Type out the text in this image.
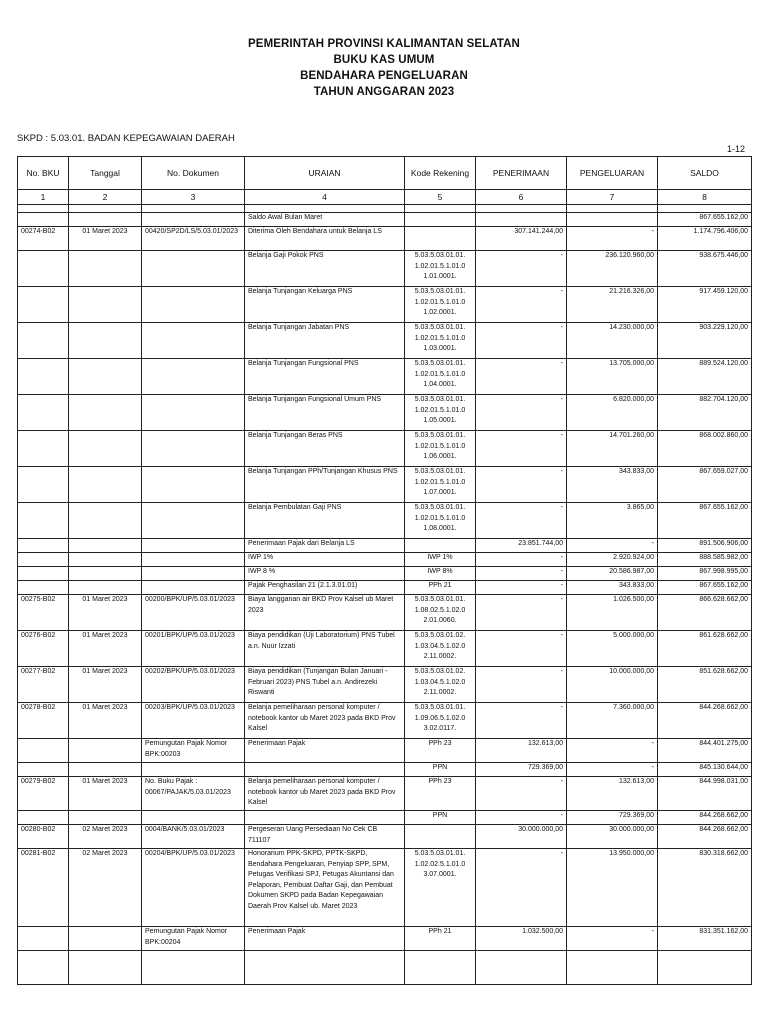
PEMERINTAH PROVINSI KALIMANTAN SELATAN
BUKU KAS UMUM
BENDAHARA PENGELUARAN
TAHUN ANGGARAN 2023
SKPD : 5.03.01. BADAN KEPEGAWAIAN DAERAH
1-12
No. BKU	Tanggal	No. Dokumen	URAIAN	Kode Rekening	PENERIMAAN	PENGELUARAN	SALDO
1	2	3	4	5	6	7	8

			Saldo Awal Bulan Maret				867.655.162,00
00274-B02	01 Maret 2023	00420/SP2D/LS/5.03.01/2023	Diterima Oleh Bendahara untuk Belanja LS		307.141.244,00	-	1.174.796.406,00
			Belanja Gaji Pokok PNS	5.03.5.03.01.01. 1.02.01.5.1.01.0 1.01.0001.	-	236.120.960,00	938.675.446,00
			Belanja Tunjangan Keluarga PNS	5.03.5.03.01.01. 1.02.01.5.1.01.0 1.02.0001.	-	21.216.326,00	917.459.120,00
			Belanja Tunjangan Jabatan PNS	5.03.5.03.01.01. 1.02.01.5.1.01.0 1.03.0001.	-	14.230.000,00	903.229.120,00
			Belanja Tunjangan Fungsional PNS	5.03.5.03.01.01. 1.02.01.5.1.01.0 1.04.0001.	-	13.705.000,00	889.524.120,00
			Belanja Tunjangan Fungsional Umum PNS	5.03.5.03.01.01. 1.02.01.5.1.01.0 1.05.0001.	-	6.820.000,00	882.704.120,00
			Belanja Tunjangan Beras PNS	5.03.5.03.01.01. 1.02.01.5.1.01.0 1.06.0001.	-	14.701.260,00	868.002.860,00
			Belanja Tunjangan PPh/Tunjangan Khusus PNS	5.03.5.03.01.01. 1.02.01.5.1.01.0 1.07.0001.	-	343.833,00	867.659.027,00
			Belanja Pembulatan Gaji PNS	5.03.5.03.01.01. 1.02.01.5.1.01.0 1.08.0001.	-	3.865,00	867.655.162,00
			Penerimaan Pajak dari Belanja LS		23.851.744,00	-	891.506.906,00
			IWP 1%	IWP 1%	-	2.920.924,00	888.585.982,00
			IWP 8 %	IWP 8%	-	20.586.987,00	867.998.995,00
			Pajak Penghasilan 21 (2.1.3.01.01)	PPh 21	-	343.833,00	867.655.162,00
00275-B02	01 Maret 2023	00200/BPK/UP/5.03.01/2023	Biaya langganan air BKD Prov Kalsel ub Maret 2023	5.03.5.03.01.01. 1.08.02.5.1.02.0 2.01.0060.	-	1.026.500,00	866.628.662,00
00276-B02	01 Maret 2023	00201/BPK/UP/5.03.01/2023	Biaya pendidikan (Uji Laboratorium) PNS Tubel a.n. Nuur Izzati	5.03.5.03.01.02. 1.03.04.5.1.02.0 2.11.0002.	-	5.000.000,00	861.628.662,00
00277-B02	01 Maret 2023	00202/BPK/UP/5.03.01/2023	Biaya pendidikan (Tunjangan Bulan Januari - Februari 2023) PNS Tubel a.n. Andirezeki Riswanti	5.03.5.03.01.02. 1.03.04.5.1.02.0 2.11.0002.	-	10.000.000,00	851.628.662,00
00278-B02	01 Maret 2023	00203/BPK/UP/5.03.01/2023	Belanja pemeliharaan personal komputer / notebook kantor ub Maret 2023 pada BKD Prov Kalsel	5.03.5.03.01.01. 1.09.06.5.1.02.0 3.02.0117.	-	7.360.000,00	844.268.662,00
		Pemungutan Pajak Nomor BPK:00203	Penerimaan Pajak	PPh 23	132.613,00	-	844.401.275,00
				PPN	729.369,00	-	845.130.644,00
00279-B02	01 Maret 2023	No. Buku Pajak : 00067/PAJAK/5.03.01/2023	Belanja pemeliharaan personal komputer / notebook kantor ub Maret 2023 pada BKD Prov Kalsel	PPh 23	-	132.613,00	844.998.031,00
				PPN	-	729.369,00	844.268.662,00
00280-B02	02 Maret 2023	0004/BANK/5.03.01/2023	Pergeseran Uang Persediaan No Cek CB 711107		30.000.000,00	30.000.000,00	844.268.662,00
00281-B02	02 Maret 2023	00204/BPK/UP/5.03.01/2023	Honorarium PPK-SKPD, PPTK-SKPD, Bendahara Pengeluaran, Penyiap SPP, SPM, Petugas Verifikasi SPJ, Petugas Akuntansi dan Pelaporan, Pembuat Daftar Gaji, dan Pembuat Dokumen SKPD pada Badan Kepegawaian Daerah Prov Kalsel ub. Maret 2023	5.03.5.03.01.01. 1.02.02.5.1.01.0 3.07.0001.	-	13.950.000,00	830.318.662,00
		Pemungutan Pajak Nomor BPK:00204	Penerimaan Pajak	PPh 21	1.032.500,00	-	831.351.162,00
